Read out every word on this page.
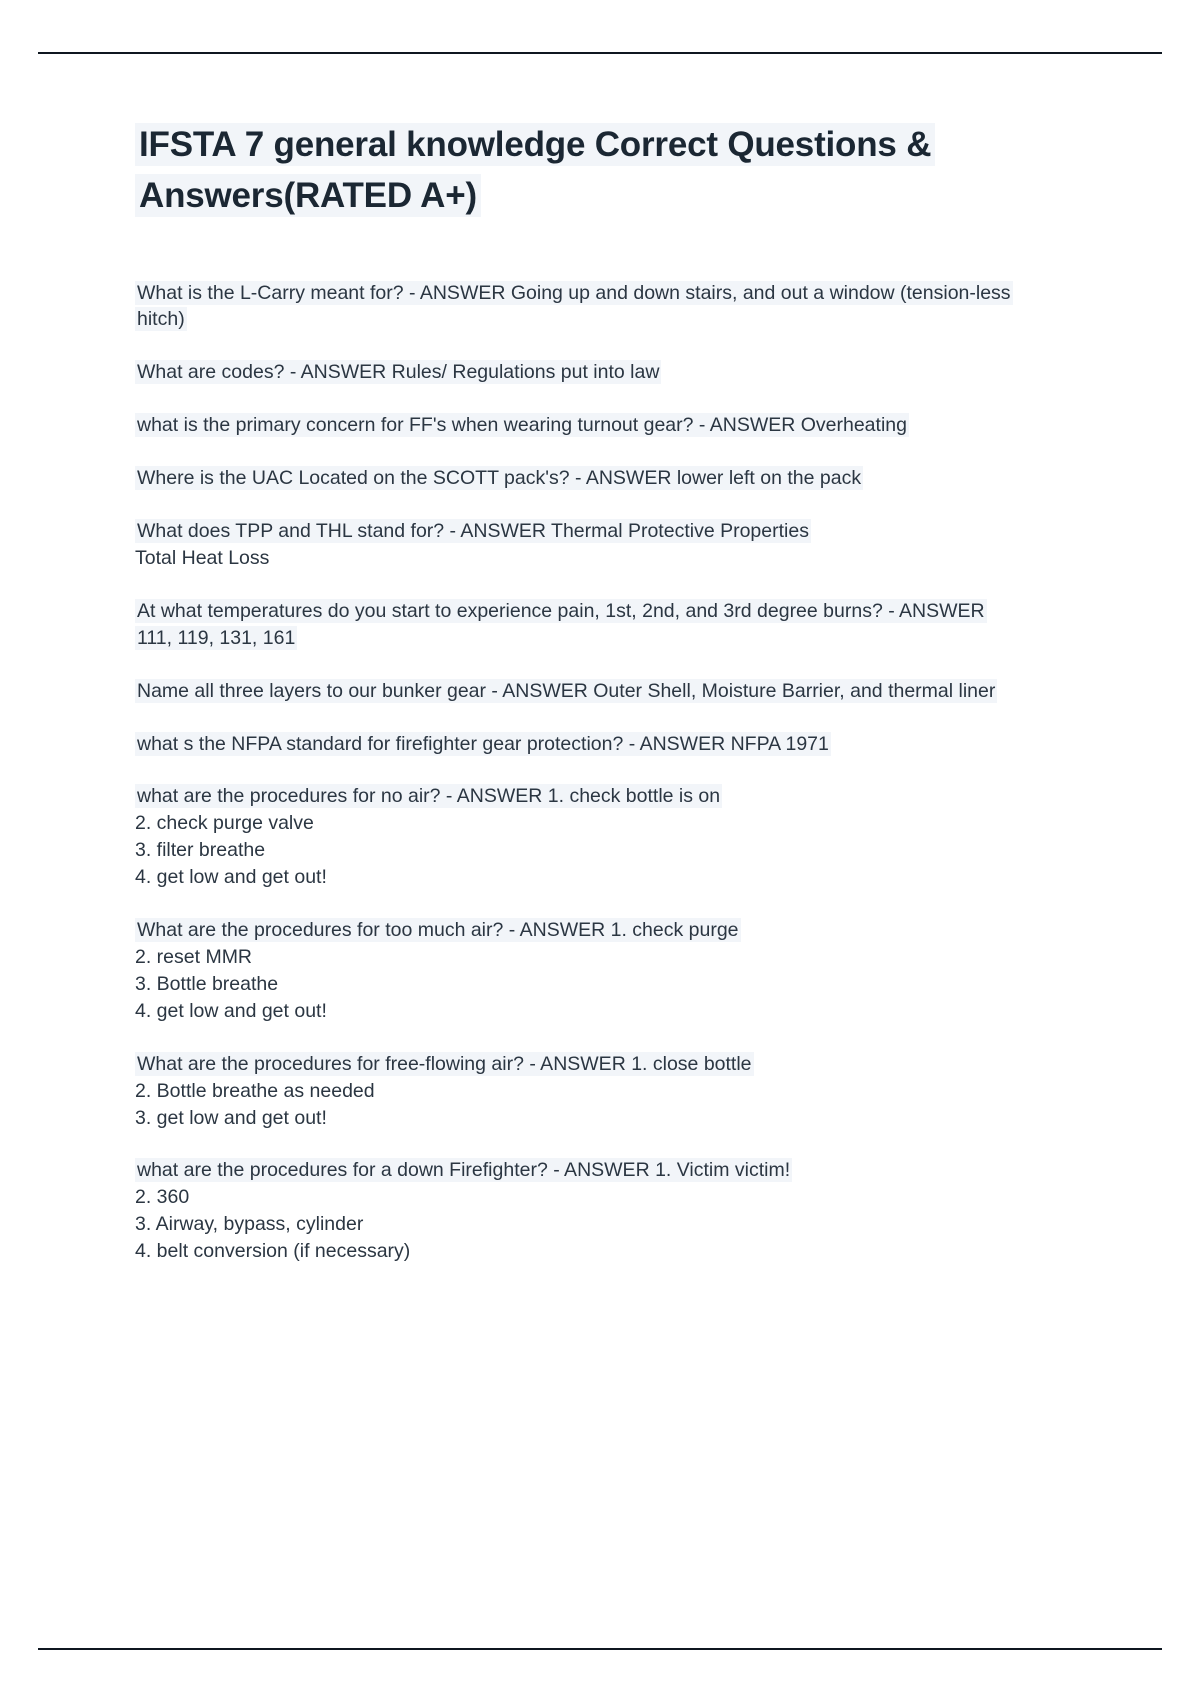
IFSTA 7 general knowledge Correct Questions & Answers(RATED A+)
What is the L-Carry meant for? - ANSWER Going up and down stairs, and out a window (tension-less hitch)
What are codes? - ANSWER Rules/ Regulations put into law
what is the primary concern for FF's when wearing turnout gear? - ANSWER Overheating
Where is the UAC Located on the SCOTT pack's? - ANSWER lower left on the pack
What does TPP and THL stand for? - ANSWER Thermal Protective Properties
Total Heat Loss
At what temperatures do you start to experience pain, 1st, 2nd, and 3rd degree burns? - ANSWER 111, 119, 131, 161
Name all three layers to our bunker gear - ANSWER Outer Shell, Moisture Barrier, and thermal liner
what s the NFPA standard for firefighter gear protection? - ANSWER NFPA 1971
what are the procedures for no air? - ANSWER 1. check bottle is on
2. check purge valve
3. filter breathe
4. get low and get out!
What are the procedures for too much air? - ANSWER 1. check purge
2. reset MMR
3. Bottle breathe
4. get low and get out!
What are the procedures for free-flowing air? - ANSWER 1. close bottle
2. Bottle breathe as needed
3. get low and get out!
what are the procedures for a down Firefighter? - ANSWER 1. Victim victim!
2. 360
3. Airway, bypass, cylinder
4. belt conversion (if necessary)
